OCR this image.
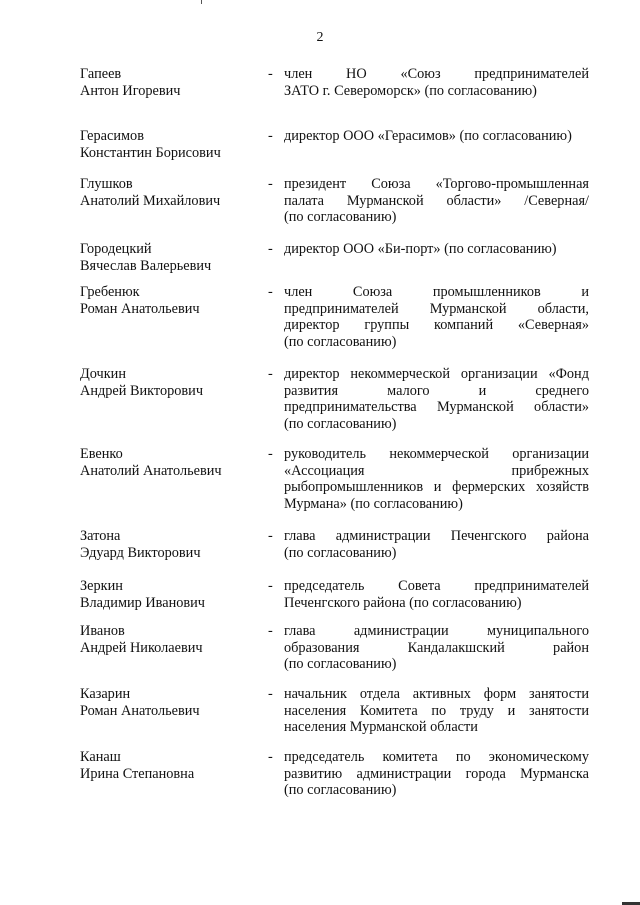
2
Гапеев
Антон Игоревич
- член НО «Союз предпринимателей
ЗАТО г. Североморск» (по согласованию)
Герасимов
Константин Борисович
- директор ООО «Герасимов» (по согласованию)
Глушков
Анатолий Михайлович
- президент Союза «Торгово-промышленная
палата Мурманской области» /Северная/
(по согласованию)
Городецкий
Вячеслав Валерьевич
- директор ООО «Би-порт» (по согласованию)
Гребенюк
Роман Анатольевич
- член Союза промышленников и
предпринимателей Мурманской области,
директор группы компаний «Северная»
(по согласованию)
Дочкин
Андрей Викторович
- директор некоммерческой организации «Фонд
развития малого и среднего
предпринимательства Мурманской области»
(по согласованию)
Евенко
Анатолий Анатольевич
- руководитель некоммерческой организации
«Ассоциация прибрежных
рыбопромышленников и фермерских хозяйств
Мурмана» (по согласованию)
Затона
Эдуард Викторович
- глава администрации Печенгского района
(по согласованию)
Зеркин
Владимир Иванович
- председатель Совета предпринимателей
Печенгского района (по согласованию)
Иванов
Андрей Николаевич
- глава администрации муниципального
образования Кандалакшский район
(по согласованию)
Казарин
Роман Анатольевич
- начальник отдела активных форм занятости
населения Комитета по труду и занятости
населения Мурманской области
Канаш
Ирина Степановна
- председатель комитета по экономическому
развитию администрации города Мурманска
(по согласованию)
